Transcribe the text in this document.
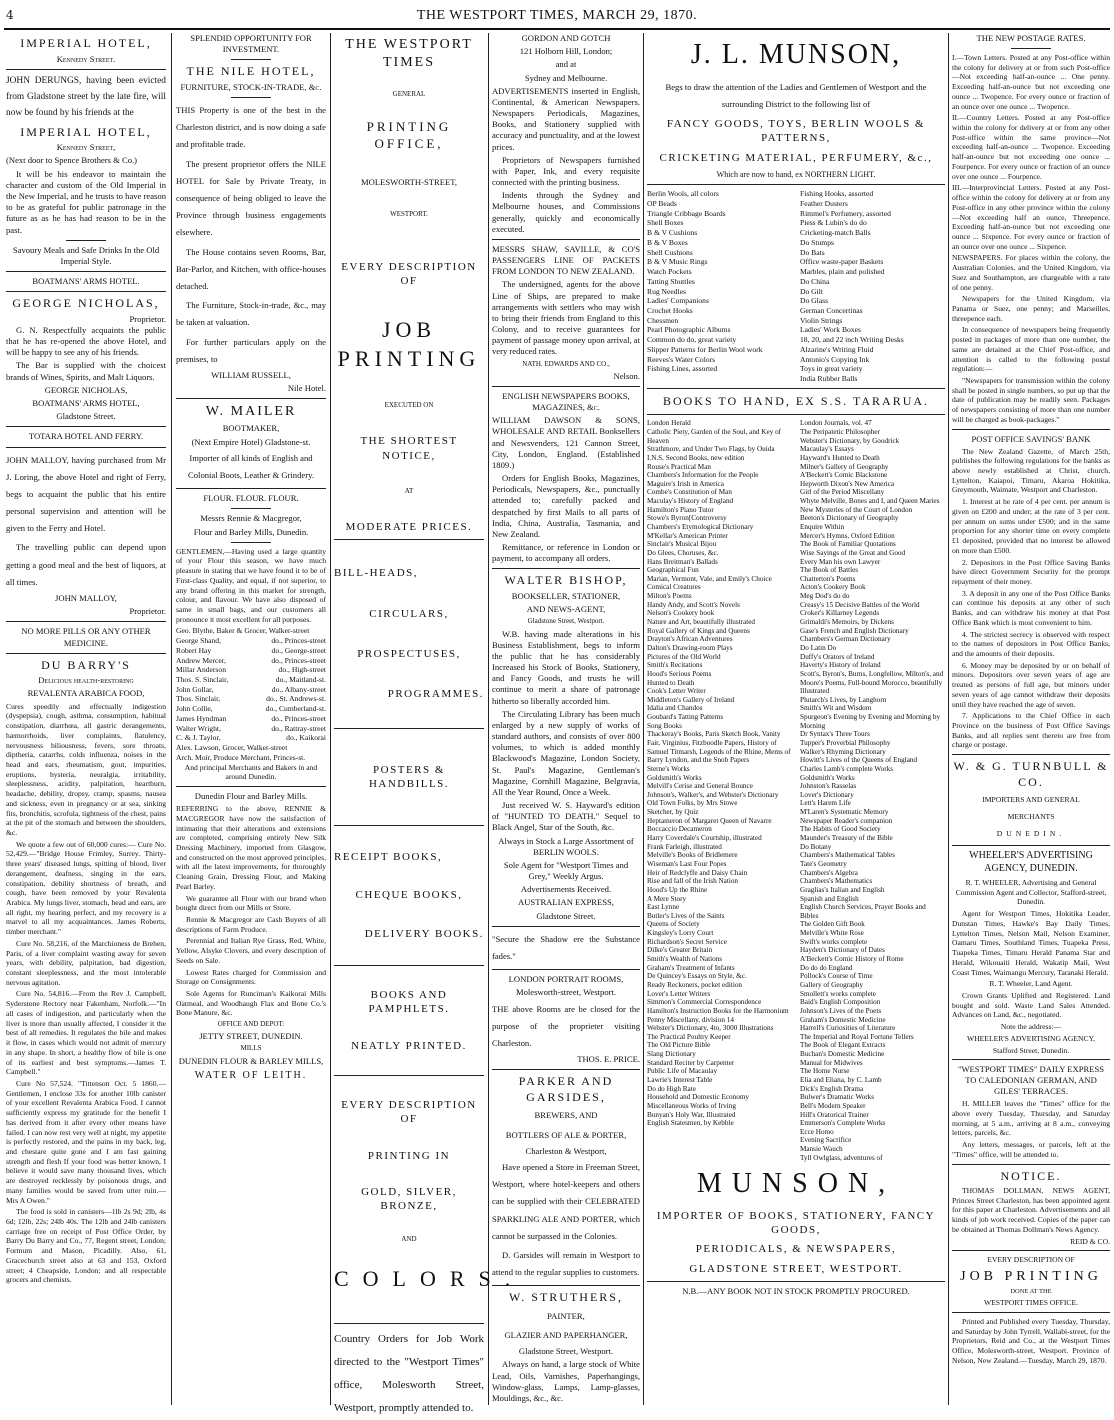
4	THE WESTPORT TIMES, MARCH 29, 1870.
IMPERIAL HOTEL,
Kennedy Street.

JOHN DERUNGS, having been evicted from Gladstone street by the late fire, will now be found by his friends at the

IMPERIAL HOTEL,
Kennedy Street,

(Next door to Spence Brothers & Co.)

It will be his endeavor to maintain the character and custom of the Old Imperial in the New Imperial, and he trusts to have reason to be as grateful for public patronage in the future as as he has had reason to be in the past.

Savoury Meals and Safe Drinks In the Old Imperial Style.

BOATMANS' ARMS HOTEL.
GEORGE NICHOLAS,
Proprietor.

G. N. Respectfully acquaints the public that he has re-opened the above Hotel, and will be happy to see any of his friends.

The Bar is supplied with the choicest brands of Wines, Spirits, and Malt Liquors.

GEORGE NICHOLAS,

BOATMANS' ARMS HOTEL,

Gladstone Street.

TOTARA HOTEL AND FERRY.

JOHN MALLOY, having purchased from Mr J. Loring, the above Hotel and right of Ferry, begs to acquaint the public that his entire personal supervision and attention will be given to the Ferry and Hotel.

The travelling public can depend upon getting a good meal and the best of liquors, at all times.

JOHN MALLOY,

Proprietor.

NO MORE PILLS OR ANY OTHER MEDICINE.
DU BARRY'S
Delicious health-restoring
REVALENTA ARABICA FOOD,

Cures speedily and effectually indigestion (dyspepsia), cough, asthma, consumption, habitual constipation, diarrhœa, all gastric derangements, hæmorrhoids, liver complaints, flatulency, nervousness biliousness, fevers, sore throats, diptheria, catarrhs, colds influenza, noises in the head and ears, rheumatism, gout, impurities, eruptions, hysteria, neuralgia, irritability, sleeplessness, acidity, palpitation, heartburn, headache, debility, dropsy, cramp, spasms, nausea and sickness, even in pregnancy or at sea, sinking fits, bronchitis, scrofula, tightness of the chest, pains at the pit of the stomach and between the shoulders, &c.

We quote a few out of 60,000 cures:— Cure No. 52,429.—"Bridge House Frimley, Surrey. Thirty-three years' diseased lungs, spitting of blood, liver derangement, deafness, singing in the ears, constipation, debility shortness of breath, and cough, have been removed by your Revalenta Arabica. My lungs liver, stomach, head and ears, are all right, my hearing perfect, and my recovery is a marvel to all my acquaintances. James Roberts, timber merchant."

Cure No. 58,216, of the Marchioness de Brehen, Paris, of a liver complaint wasting away for seven years, with debility, palpitation, bad digestion, constant sleeplessness, and the most intolerable nervous agitation.

Cure No. 54,816.—From the Rev J. Campbell, Syderstone Rectory near Fakenham, Norfolk.—"In all cases of indigestion, and particularly when the liver is more than usually affected, I consider it the best of all remedies. It regulates the bile and makes it flow, in cases which would not admit of mercury in any shape. In short, a healthy flow of bile is one of its earliest and best symptoms.—James T. Campbell."

Cure No 57,524. "Tittenson Oct. 5 1860.—Gentlemen, I enclose 33s for another 10lb canister of your excellent Revalenta Arabica Food. I cannot sufficiently express my gratitude for the benefit I has derived from it after every other means have failed. I can now rest very well at night, my appetite is perfectly restored, and the pains in my back, leg, and chestare quite gone and I am fast gaining strength and flesh If your food was better known, I believe it would save many thousand lives, which are destroyed recklessly by poisonous drugs, and many families would be saved from utter ruin.— Mrs A Owen."

The food is sold in canisters—1lb 2s 9d; 2lb, 4s 6d; 12lb, 22s; 24lb 40s. The 12lb and 24lb canisters carriage free on receipt of Post Office Order, by Barry Du Barry and Co., 77, Regent street, London; Fortnum and Mason, Picadilly. Also, 61, Gracechurch street also at 63 and 153, Oxford street; 4 Cheapside, London; and all respectable grocers and chemists.

SPLENDID OPPORTUNITY FOR INVESTMENT.
THE NILE HOTEL,
FURNITURE, STOCK-IN-TRADE, &c.

THIS Property is one of the best in the Charleston district, and is now doing a safe and profitable trade.

The present proprietor offers the NILE HOTEL for Sale by Private Treaty, in consequence of being obliged to leave the Province through business engagements elsewhere.

The House contains seven Rooms, Bar, Bar-Parlor, and Kitchen, with office-houses detached.

The Furniture, Stock-in-trade, &c., may be taken at valuation.

For further particulars apply on the premises, to

WILLIAM RUSSELL,

Nile Hotel.

W. MAILER
BOOTMAKER,

(Next Empire Hotel) Gladstone-st.

Importer of all kinds of English and Colonial Boots, Leather & Grindery.

FLOUR. FLOUR. FLOUR.

Messrs Rennie & Macgregor,

Flour and Barley Mills, Dunedin.

GENTLEMEN,—Having used a large quantity of your Flour this season, we have much pleasure in stating that we have found it to be of First-class Quality, and equal, if not superior, to any brand offering in this market for strength, colour, and flavour. We have also disposed of same in small bags, and our customers all pronounce it most excellent for all purposes.

Geo. Blythe, Baker & Grocer, Walker-street
George Shand,	do., Princes-street
Robert Hay	do., George-street
Andrew Mercer,	do., Princes-street
Millar Anderson	do., High-street
Thos. S. Sinclair,	do., Maitland-st.
John Gollar,	do., Albany-street
Thos. Sinclair,	do., St. Andrews-st.
John Collie,	do., Cumberland-st.
James Hyndman	do., Princes-street
Walter Wright,	do., Rattray-street
C. & J. Taylor,	do., Kaikorai
Alex. Lawson, Grocer, Walker-street
Arch. Moir, Produce Merchant, Princes-st.

And principal Merchants and Bakers in and around Dunedin.

Dunedin Flour and Barley Mills.

REFERRING to the above, RENNIE & MACGREGOR have now the satisfaction of intimating that their alterations and extensions are completed, comprising entirely New Silk Dressing Machinery, imported from Glasgow, and constructed on the most approved principles, with all the latest improvements, for thoroughly Cleaning Grain, Dressing Flour, and Making Pearl Barley.

We guarantee all Flour with our brand when bought direct from our Mills or Store.

Rennie & Macgregor are Cash Buyers of all descriptions of Farm Produce.

Perennial and Italian Rye Grass, Red, White, Yellow, Alsyke Clovers, and every description of Seeds on Sale.

Lowest Rates charged for Commission and Storage on Consignments.

Sole Agents for Runciman's Kaikorai Mills Oatmeal, and Woodhaugh Flax and Bone Co.'s Bone Manure, &c.

OFFICE AND DEPOT:

JETTY STREET, DUNEDIN.

MILLS

DUNEDIN FLOUR & BARLEY MILLS,

WATER OF LEITH.

THE WESTPORT TIMES

GENERAL

PRINTING OFFICE,

MOLESWORTH-STREET,

WESTPORT.

EVERY DESCRIPTION OF
JOB PRINTING

EXECUTED ON

THE SHORTEST NOTICE,

AT

MODERATE PRICES.
BILL-HEADS,
CIRCULARS,
PROSPECTUSES,
PROGRAMMES.
POSTERS & HANDBILLS.
RECEIPT BOOKS,
CHEQUE BOOKS,
DELIVERY BOOKS.
BOOKS AND PAMPHLETS.
NEATLY PRINTED.
EVERY DESCRIPTION OF
PRINTING IN
GOLD, SILVER, BRONZE,

AND

COLORS.

Country Orders for Job Work directed to the "Westport Times" office, Molesworth Street, Westport, promptly attended to.

GORDON AND GOTCH

121 Holborn Hill, London;

and at

Sydney and Melbourne.

ADVERTISEMENTS inserted in English, Continental, & American Newspapers. Newspapers Periodicals, Magazines, Books, and Stationery supplied with accuracy and punctuality, and at the lowest prices.

Proprietors of Newspapers furnished with Paper, Ink, and every requisite connected with the printing business.

Indents through the Sydney and Melbourne houses, and Commissions generally, quickly and economically executed.

MESSRS SHAW, SAVILLE, & CO'S PASSENGERS LINE OF PACKETS FROM LONDON TO NEW ZEALAND.

The undersigned, agents for the above Line of Ships, are prepared to make arrangements with settlers who may wish to bring their friends from England to this Colony, and to receive guarantees for payment of passage money upon arrival, at very reduced rates.

NATH. EDWARDS AND CO.,

Nelson.

ENGLISH NEWSPAPERS BOOKS, MAGAZINES, &c.

WILLIAM DAWSON & SONS, WHOLESALE AND RETAIL Booksellers and Newsvenders, 121 Cannon Street, City, London, England. (Established 1809.)

Orders for English Books, Magazines, Periodicals, Newspapers, &c., punctually attended to; carefully packed and despatched by first Mails to all parts of India, China, Australia, Tasmania, and New Zealand.

Remittance, or reference in London or payment, to accompany all orders.

WALTER BISHOP,

BOOKSELLER, STATIONER,

AND NEWS-AGENT,

Gladstone Street, Westport.

W.B. having made alterations in his Business Establishment, begs to inform the public that he has considerably Increased his Stock of Books, Stationery, and Fancy Goods, and trusts he will continue to merit a share of patronage hitherto so liberally accorded him.

The Circulating Library has been much enlarged by a new supply of works of standard authors, and consists of over 800 volumes, to which is added monthly Blackwood's Magazine, London Society, St. Paul's Magazine, Gentleman's Magazine, Cornhill Magazine, Belgravia, All the Year Round, Once a Week.

Just received W. S. Hayward's edition of "HUNTED TO DEATH." Sequel to Black Angel, Star of the South, &c.

Always in Stock a Large Assortment of BERLIN WOOLS.

Sole Agent for "Westport Times and Grey," Weekly Argus.

Advertisements Received.

AUSTRALIAN EXPRESS,

Gladstone Street.

"Secure the Shadow ere the Substance fades."

LONDON PORTRAIT ROOMS,

Molesworth-street, Westport.

THE above Rooms are be closed for the purpose of the proprieter visiting Charleston.

THOS. E. PRICE.

PARKER AND GARSIDES,

BREWERS, AND

BOTTLERS OF ALE & PORTER,

Charleston & Westport,

Have opened a Store in Freeman Street, Westport, where hotel-keepers and others can be supplied with their CELEBRATED SPARKLING ALE AND PORTER, which cannot be surpassed in the Colonies.

D. Garsides will remain in Westport to attend to the regular supplies to customers.

W. STRUTHERS,

PAINTER,

GLAZIER AND PAPERHANGER,

Gladstone Street, Westport.

Always on hand, a large stock of White Lead, Oils, Varnishes, Paperhangings, Window-glass, Lamps, Lamp-glasses, Mouldings, &c., &c.

J. L. MUNSON,

Begs to draw the attention of the Ladies and Gentlemen of Westport and the surrounding District to the following list of

FANCY GOODS, TOYS, BERLIN WOOLS & PATTERNS,
CRICKETING MATERIAL, PERFUMERY, &c.,

Which are now to hand, ex NORTHERN LIGHT.

Berlin Wools, all colors
OP Beads
Triangle Cribbage Boards
Shell Boxes
B & V Cushions
B & V Boxes
Shell Cushions
B & V Music Rings
Watch Pockets
Tatting Shuttles
Rug Needles
Ladies' Companions
Crochet Hooks
Chessmen
Pearl Photographic Albums
Common do do, great variety
Slipper Patterns for Berlin Wool work
Reeves's Water Colors
Fishing Lines, assorted
Fishing Hooks, assorted
Feather Dusters
Rimmel's Perfumery, assorted
Piess & Lubin's do do
Cricketing-match Balls
Do Stumps
Do Bats
Office waste-paper Baskets
Marbles, plain and polished
Do China
Do Gilt
Do Glass
German Concertinas
Violin Strings
Ladies' Work Boxes
18, 20, and 22 inch Writing Desks
Alzarine's Writing Fluid
Antonio's Copying Ink
Toys in great variety
India Rubber Balls
BOOKS TO HAND, EX S.S. TARARUA.
London Herald
Catholic Piety, Garden of the Soul, and Key of Heaven
Strathmore, and Under Two Flags, by Ouida
I.N.S. Second Books, new edition
Rouse's Practical Man
Chambers's Information for the People
Maguire's Irish in America
Combe's Constitution of Man
Maculay's History of England
Hamilton's Piano Tutor
Stowe's Byron[Controversy
Chambers's Etymological Dictionary
M'Kellar's American Printer
Sinclair's Musical Bijou
Do Glees, Choruses, &c.
Hans Breitman's Ballads
Geographical Fun
Marian, Vermont, Vale, and Emily's Choice
Comical Creatures
Milton's Poems
Handy Andy, and Scott's Novels
Nelson's Cookery book
Nature and Art, beautifully illustrated
Royal Gallery of Kings and Queens
Drayton's African Adventures
Dalton's Drawing-room Plays
Pictures of the Old World
Smith's Recitations
Hood's Serious Poems
Hunted to Death
Cook's Letter Writer
Middleton's Gallery of Ireland
Idalia and Chandos
Goubard's Tatting Patterns
Song Books
Thackeray's Books, Paris Sketch Book, Vanity Fair, Virginius, Fitzboodle Papers, History of Samuel Titmarsh, Legends of the Rhine, Mems of Barry Lyndon, and the Snob Papers
Sterne's Works
Goldsmith's Works
Melvill's Cerise and General Bounce
Johnson's, Walker's, and Webster's Dictionary
Old Town Folks, by Mrs Stowe
Sketcher, by Quiz
Heptameron of Margaret Queen of Navarre
Boccaccio Decameron
Harry Coverdale's Courtship, illustrated
Frank Farleigh, illustrated
Melville's Books of Bridlemere
Wiseman's Last Four Popes
Heir of Redclyffe and Daisy Chain
Rise and fall of the Irish Nation
Hood's Up the Rhine
A Mere Story
East Lynne
Butler's Lives of the Saints
Queens of Society
Kingsley's Lorry Court
Richardson's Secret Service
Dilke's Greater Britain
Smith's Wealth of Nations
Graham's Treatment of Infants
De Quincey's Essays on Style, &c.
Ready Reckoners, pocket edition
Lover's Letter Writers
Simmon's Commercial Correspondence
Hamilton's Instruction Books for the Harmonium
Penny Miscellany, division 14
Webster's Dictionary, 4to, 3000 Illustrations
The Practical Poultry Keeper
The Old Picture Bible
Slang Dictionary
Standard Reciter by Carpenter
Public Life of Macaulay
Lawrie's Interest Table
Do do High Rate
Household and Domestic Economy
Miscellaneous Works of Irving
Bunyan's Holy War, Illustrated
English Statesmen, by Kebble
London Journals, vol. 47
The Peripatetic Philosopher
Webster's Dictionary, by Goodrick
Macaulay's Essays
Hayward's Hunted to Death
Milner's Gallery of Geography
A'Beckett's Comic Blackstone
Hepworth Dixon's New America
Girl of the Period Miscellany
Whyte Melville, Bones and I, and Queen Maries
New Mysteries of the Court of London
Beeton's Dictionary of Geography
Enquire Within
Mercer's Hymns, Oxford Edition
The Book of Familiar Quotations
Wise Sayings of the Great and Good
Every Man his own Lawyer
The Book of Battles
Chatterton's Poems
Acton's Cookery Book
Meg Dod's do do
Creasy's 15 Decisive Battles of the World
Croker's Killarney Legends
Grimaldi's Memoirs, by Dickens
Gase's French and English Dictionary
Chambers's German Dictionary
Do Latin Do
Duffy's Orators of Ireland
Haverty's History of Ireland
Scott's, Byron's, Burns, Longfellow, Milton's, and Moore's Poems, Full-bound Morocco, beautifully Illustrated
Plutarch's Lives, by Langhorn
Smith's Wit and Wisdom
Spurgeon's Evening by Evening and Morning by Morning
Dr Syntax's Three Tours
Tupper's Proverbial Philosophy
Walker's Rhyming Dictionary
Howitt's Lives of the Queens of England
Charles Lamb's complete Works
Goldsmith's Works
Johnston's Rasselas
Lover's Dictionary
Lett's Harem Life
M'Laren's Systematic Memory
Newspaper Reader's companion
The Habits of Good Society
Maunder's Treasury of the Bible
Do Botany
Chambers's Mathematical Tables
Tate's Geometry
Chambers's Algebra
Chambers's Mathematics
Graglias's Italian and English
Spanish and English
English Church Services, Prayer Books and Bibles
The Golden Gift Book
Melville's White Rose
Swift's works complete
Hayden's Dictionary of Dates
A'Beckett's Comic History of Rome
Do do do England
Pollock's Course of Time
Gallery of Geography
Smollett's works complete
Baid's English Composition
Johnson's Lives of the Poets
Graham's Domestic Medicine
Harrell's Curiosities of Literature
The Imperial and Royal Fortune Tellers
The Book of Elegant Extracts
Buchan's Domestic Medicine
Manual for Midwives
The Home Nurse
Elia and Eliana, by C. Lamb
Dick's English Drama
Bulwer's Dramatic Works
Bell's Modern Speaker
Hill's Oratorical Trainer
Emmerson's Complete Works
Ecce Homo
Evening Sacrifice
Mansie Wauch
Tyll Owlglass, adventures of
MUNSON,
IMPORTER OF BOOKS, STATIONERY, FANCY GOODS,
PERIODICALS, & NEWSPAPERS,
GLADSTONE STREET, WESTPORT.

N.B.—ANY BOOK NOT IN STOCK PROMPTLY PROCURED.

THE NEW POSTAGE RATES.

I.—Town Letters. Posted at any Post-office within the colony for delivery at or from such Post-office—Not exceeding half-an-ounce ... One penny. Exceeding half-an-ounce but not exceeding one ounce ... Twopence. For every ounce or fraction of an ounce over one ounce ... Twopence.

II.—Country Letters. Posted at any Post-office within the colony for delivery at or from any other Post-office within the same province—Not exceeding half-an-ounce ... Twopence. Exceeding half-an-ounce but not exceeding one ounce ... Fourpence. For every ounce or fraction of an ounce over one ounce ... Fourpence.

III.—Interprovincial Letters. Posted at any Post-office within the colony for delivery at or from any Post-office in any other province within the colony—Not exceeding half an ounce, Threepence. Exceeding half-an-ounce but not exceeding one ounce ... Sixpence. For every ounce or fraction of an ounce over one ounce ... Sixpence.

NEWSPAPERS. For places within the colony, the Australian Colonies, and the United Kingdom, via Suez and Southampton, are chargeable with a rate of one penny.

Newspapers for the United Kingdom, via Panama or Suez, one penny; and Marseilles, threepence each.

In consequence of newspapers being frequently posted in packages of more than one number, the same are detained at the Chief Post-office, and attention is called to the following postal regulation:—

"Newspapers for transmission within the colony shall be posted in single numbers, so put up that the date of publication may be readily seen. Packages of newspapers consisting of more than one number will be charged as book-packages."

POST OFFICE SAVINGS' BANK

The New Zealand Gazette, of March 25th, publishes the following regulations for the banks as above newly established at Christ, church, Lyttelton, Kaiapoi, Timaru, Akaroa Hokitika, Greymouth, Waimate, Westport and Charleston.

1. Interest at he rate of 4 per cent. per annum is given on £200 and under; at the rate of 3 per cent. per annum on sums under £500; and in the same proportion for any shorter time on every complete £1 deposited, provided that no interest be allowed on more than £500.

2. Depositors in the Post Office Saving Banks have direct Government Security for the prompt repayment of their money.

3. A deposit in any one of the Post Office Banks can continue his deposits at any other of such Banks, and can withdraw his money at that Post Office Bank which is most convenient to him.

4. The strictest secrecy is observed with respect to the names of depositors in Post Office Banks, and the amounts of their deposits.

6. Money may be deposited by or on behalf of minors. Depositors over seven years of age are treated as persons of full age, but minors under seven years of age cannot withdraw their deposits until they have reached the age of seven.

7. Applications to the Chief Office in each Province on the business of Post Office Savings Banks, and all replies sent thereto are free from charge or postage.

W. & G. TURNBULL & CO.

IMPORTERS AND GENERAL

MERCHANTS

DUNEDIN.

WHEELER'S ADVERTISING AGENCY, DUNEDIN.

R. T. WHEELER, Advertising and General Commission Agent and Collector, Stafford-street, Dunedin.

Agent for Westport Times, Hokitika Leader, Dunstan Times, Hawke's Bay Daily Times, Lyttelton Times, Nelson Mail, Nelson Examiner, Oamaru Times, Southland Times, Tuapeka Press, Tuapeka Times, Timaru Herald Panama Star and Herald, Wikouaiti Herald, Wakatip Mail, West Coast Times, Waimangu Mercury, Taranaki Herald.

R. T. Wheeler, Land Agent.

Crown Grants Uplifted and Registered. Land bought and sold. Waste Land Sales Attended. Advances on Land, &c., negotiated.

Note the address:—

WHEELER'S ADVERTISING AGENCY,

Stafford Street, Dunedin.

"WESTPORT TIMES" DAILY EXPRESS TO CALEDONIAN GERMAN, AND GILES' TERRACES.

H. MILLER leaves the "Times" office for the above every Tuesday, Thursday, and Saturday morning, at 5 a.m., arriving at 8 a.m., conveying letters, parcels, &c.

Any letters, messages, or parcels, left at the "Times" office, will be attended to.

NOTICE.

THOMAS DOLLMAN, NEWS AGENT, Princes Street Charleston, has been appointed agent for this paper at Charleston. Advertisements and all kinds of job work received. Copies of the paper can be obtained at Thomas Dollman's News Agency.

REID & CO.

EVERY DESCRIPTION OF

JOB PRINTING

DONE AT THE

WESTPORT TIMES OFFICE.

Printed and Published every Tuesday, Thursday, and Saturday by John Tyrrell, Wallabi-street, for the Proprietors, Reid and Co., at the Westport Times Office, Molesworth-street, Westport. Province of Nelson, New Zealand.—Tuesday, March 29, 1870.
